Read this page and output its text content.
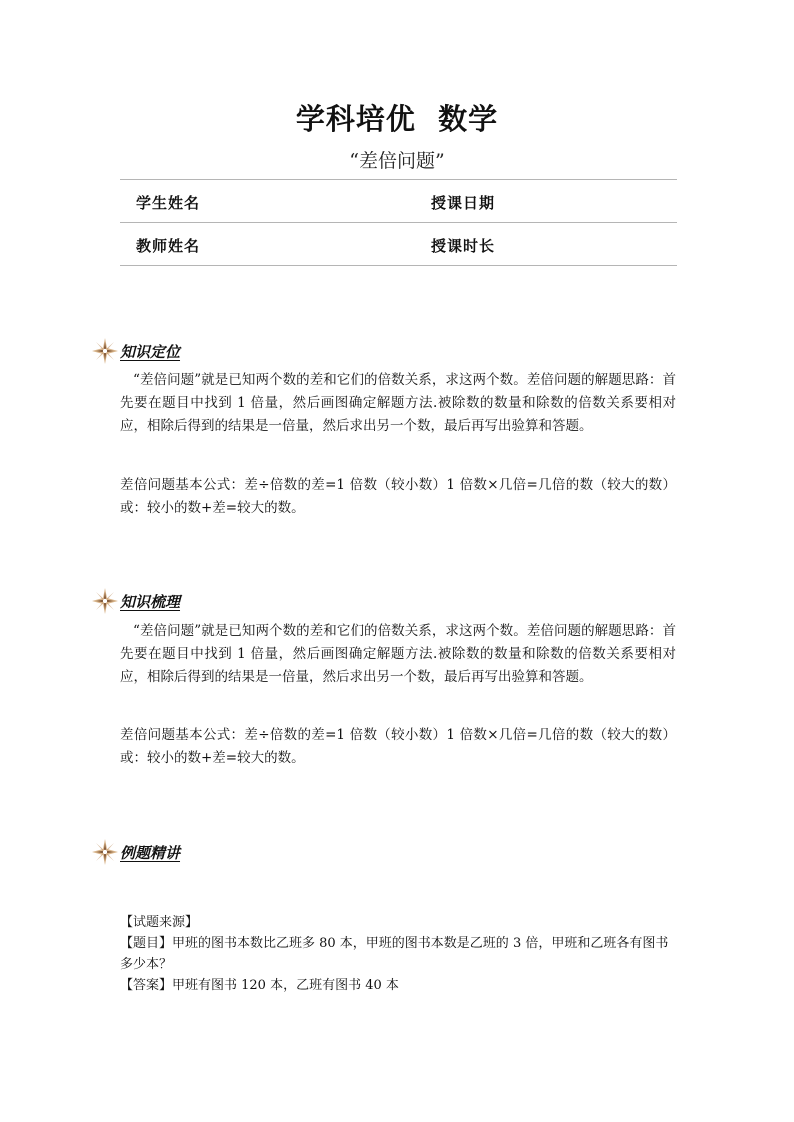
学科培优  数学
“差倍问题”
学生姓名	授课日期
教师姓名	授课时长
知识定位

“差倍问题”就是已知两个数的差和它们的倍数关系，求这两个数。差倍问题的解题思路：首先要在题目中找到 1 倍量，然后画图确定解题方法.被除数的数量和除数的倍数关系要相对应，相除后得到的结果是一倍量，然后求出另一个数，最后再写出验算和答题。

差倍问题基本公式：差÷倍数的差=1 倍数（较小数）1 倍数×几倍=几倍的数（较大的数）或：较小的数+差=较大的数。

知识梳理

“差倍问题”就是已知两个数的差和它们的倍数关系，求这两个数。差倍问题的解题思路：首先要在题目中找到 1 倍量，然后画图确定解题方法.被除数的数量和除数的倍数关系要相对应，相除后得到的结果是一倍量，然后求出另一个数，最后再写出验算和答题。

差倍问题基本公式：差÷倍数的差=1 倍数（较小数）1 倍数×几倍=几倍的数（较大的数）或：较小的数+差=较大的数。

例题精讲

【试题来源】

【题目】甲班的图书本数比乙班多 80 本，甲班的图书本数是乙班的 3 倍，甲班和乙班各有图书多少本？

【答案】甲班有图书 120 本，乙班有图书 40 本
